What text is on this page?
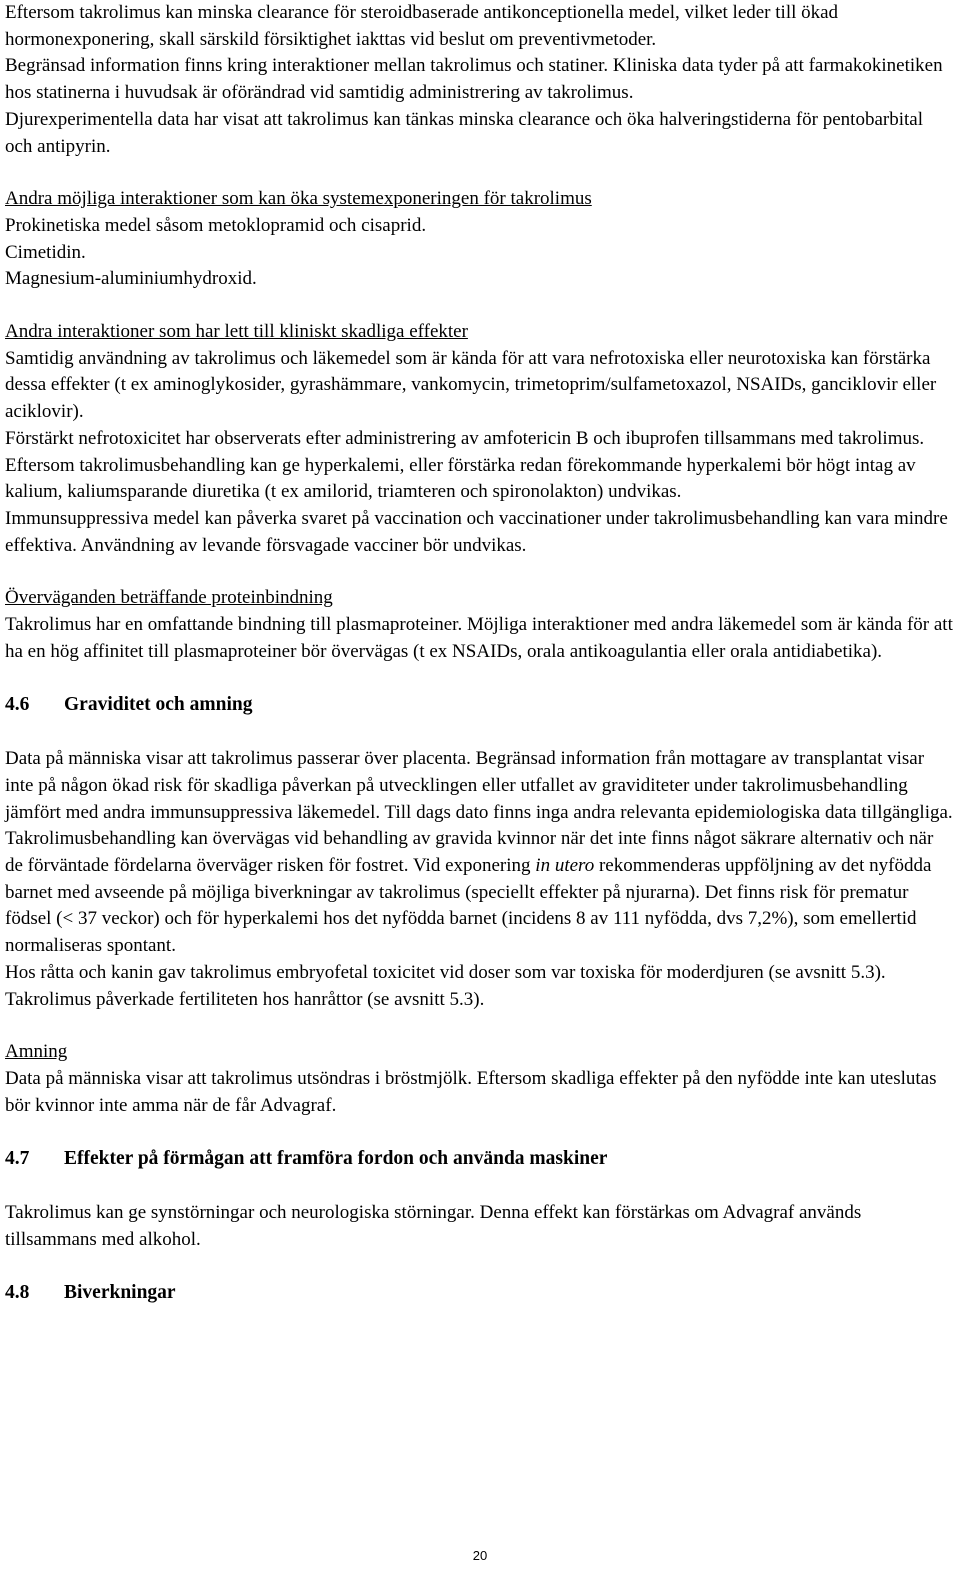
Eftersom takrolimus kan minska clearance för steroidbaserade antikonceptionella medel, vilket leder till ökad hormonexponering, skall särskild försiktighet iakttas vid beslut om preventivmetoder.

Begränsad information finns kring interaktioner mellan takrolimus och statiner. Kliniska data tyder på att farmakokinetiken hos statinerna i huvudsak är oförändrad vid samtidig administrering av takrolimus.

Djurexperimentella data har visat att takrolimus kan tänkas minska clearance och öka halveringstiderna för pentobarbital och antipyrin.

Andra möjliga interaktioner som kan öka systemexponeringen för takrolimus

Prokinetiska medel såsom metoklopramid och cisaprid.

Cimetidin.

Magnesium-aluminiumhydroxid.

Andra interaktioner som har lett till kliniskt skadliga effekter

Samtidig användning av takrolimus och läkemedel som är kända för att vara nefrotoxiska eller neurotoxiska kan förstärka dessa effekter (t ex aminoglykosider, gyrashämmare, vankomycin, trimetoprim/sulfametoxazol, NSAIDs, ganciklovir eller aciklovir).

Förstärkt nefrotoxicitet har observerats efter administrering av amfotericin B och ibuprofen tillsammans med takrolimus.

Eftersom takrolimusbehandling kan ge hyperkalemi, eller förstärka redan förekommande hyperkalemi bör högt intag av kalium, kaliumsparande diuretika (t ex amilorid, triamteren och spironolakton) undvikas.

Immunsuppressiva medel kan påverka svaret på vaccination och vaccinationer under takrolimusbehandling kan vara mindre effektiva. Användning av levande försvagade vacciner bör undvikas.

Överväganden beträffande proteinbindning

Takrolimus har en omfattande bindning till plasmaproteiner. Möjliga interaktioner med andra läkemedel som är kända för att ha en hög affinitet till plasmaproteiner bör övervägas (t ex NSAIDs, orala antikoagulantia eller orala antidiabetika).

4.6	Graviditet och amning

Data på människa visar att takrolimus passerar över placenta. Begränsad information från mottagare av transplantat visar inte på någon ökad risk för skadliga påverkan på utvecklingen eller utfallet av graviditeter under takrolimusbehandling jämfört med andra immunsuppressiva läkemedel. Till dags dato finns inga andra relevanta epidemiologiska data tillgängliga. Takrolimusbehandling kan övervägas vid behandling av gravida kvinnor när det inte finns något säkrare alternativ och när de förväntade fördelarna överväger risken för fostret. Vid exponering in utero rekommenderas uppföljning av det nyfödda barnet med avseende på möjliga biverkningar av takrolimus (speciellt effekter på njurarna). Det finns risk för prematur födsel (< 37 veckor) och för hyperkalemi hos det nyfödda barnet (incidens 8 av 111 nyfödda, dvs 7,2%), som emellertid normaliseras spontant.

Hos råtta och kanin gav takrolimus embryofetal toxicitet vid doser som var toxiska för moderdjuren (se avsnitt 5.3). Takrolimus påverkade fertiliteten hos hanråttor (se avsnitt 5.3).

Amning

Data på människa visar att takrolimus utsöndras i bröstmjölk. Eftersom skadliga effekter på den nyfödde inte kan uteslutas bör kvinnor inte amma när de får Advagraf.

4.7	Effekter på förmågan att framföra fordon och använda maskiner

Takrolimus kan ge synstörningar och neurologiska störningar. Denna effekt kan förstärkas om Advagraf används tillsammans med alkohol.

4.8	Biverkningar
20
